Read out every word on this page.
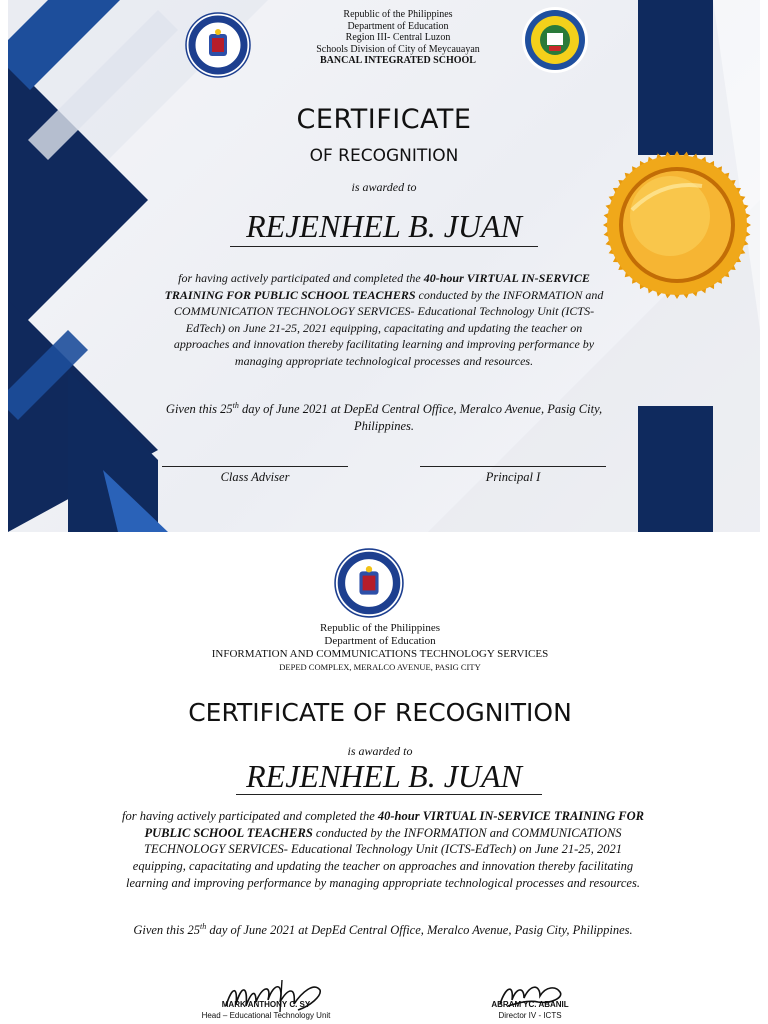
Republic of the Philippines
Department of Education
Region III- Central Luzon
Schools Division of City of Meycauayan
BANCAL INTEGRATED SCHOOL
CERTIFICATE
OF RECOGNITION
is awarded to
REJENHEL B. JUAN
for having actively participated and completed the 40-hour VIRTUAL IN-SERVICE TRAINING FOR PUBLIC SCHOOL TEACHERS conducted by the INFORMATION and COMMUNICATION TECHNOLOGY SERVICES- Educational Technology Unit (ICTS-EdTech) on June 21-25, 2021 equipping, capacitating and updating the teacher on approaches and innovation thereby facilitating learning and improving performance by managing appropriate technological processes and resources.
Given this 25th day of June 2021 at DepEd Central Office, Meralco Avenue, Pasig City, Philippines.
Class Adviser	Principal I
Republic of the Philippines
Department of Education
INFORMATION AND COMMUNICATIONS TECHNOLOGY SERVICES
DEPED COMPLEX, MERALCO AVENUE, PASIG CITY
CERTIFICATE OF RECOGNITION
is awarded to
REJENHEL B. JUAN
for having actively participated and completed the 40-hour VIRTUAL IN-SERVICE TRAINING FOR PUBLIC SCHOOL TEACHERS conducted by the INFORMATION and COMMUNICATIONS TECHNOLOGY SERVICES- Educational Technology Unit (ICTS-EdTech) on June 21-25, 2021 equipping, capacitating and updating the teacher on approaches and innovation thereby facilitating learning and improving performance by managing appropriate technological processes and resources.
Given this 25th day of June 2021 at DepEd Central Office, Meralco Avenue, Pasig City, Philippines.
MARK ANTHONY C. SY
Head – Educational Technology Unit
ABRAM YC. ABANIL
Director IV - ICTS
